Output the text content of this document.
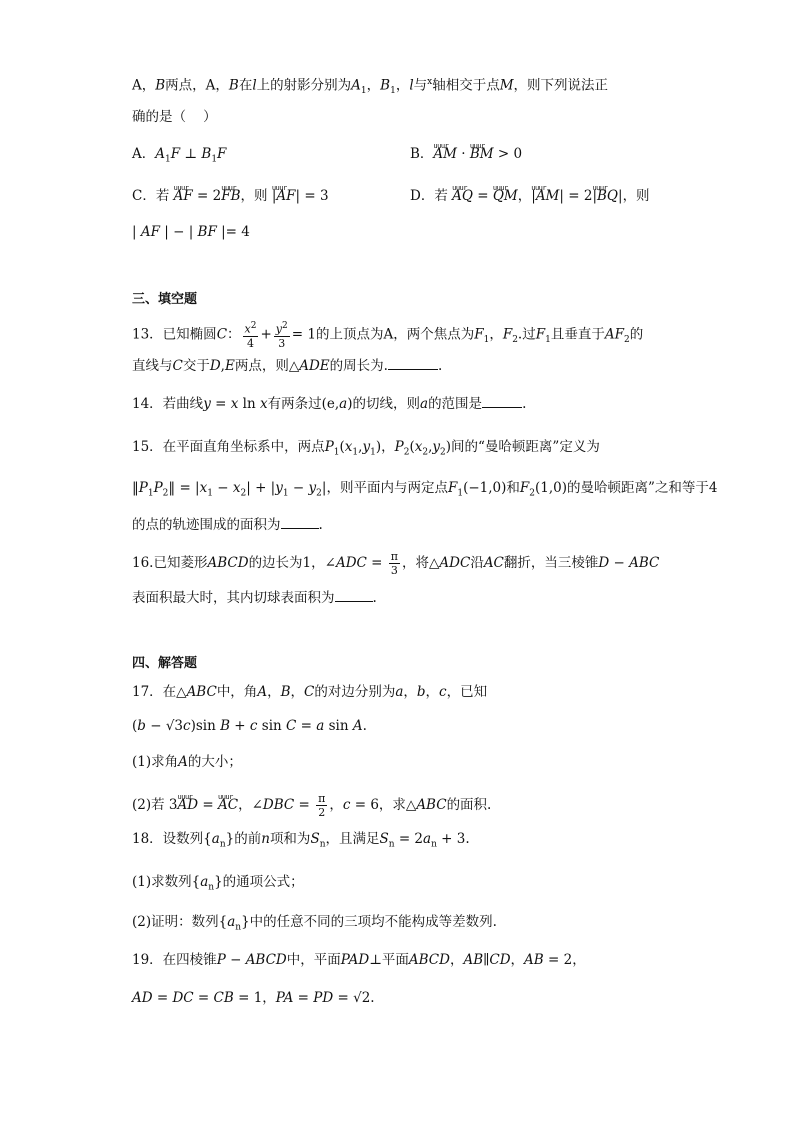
A，B两点，A，B在l上的射影分别为$A_1$，$B_1$，l与$^x$轴相交于点M，则下列说法正
确的是（    ）
A．$A_1F$ ⊥ $B_1F$	B．uuur AM · uuur BM > 0
C．若 uuur AF = 2uuur FB，则 uuur |AF| = 3	D．若 uuur AQ = uuur QM，uuur |AM| = 2uuur |BQ|，则
| AF | − | BF |= 4
三、填空题
13．已知椭圆C： $\frac{x^2}{4} + \frac{y^2}{3} = 1$的上顶点为A，两个焦点为$F_1$，$F_2$.过$F_1$且垂直于$AF_2$的
直线与C交于D,E两点，则△ADE的周长为.	.
14．若曲线y = x ln x有两条过(e,a)的切线，则a的范围是	.
15．在平面直角坐标系中，两点$P_1(x_1,y_1)$，$P_2(x_2,y_2)$间的“曼哈顿距离”定义为
$‖P_1P_2‖ = |x_1 - x_2| + |y_1 - y_2|$，则平面内与两定点$F_1(-1,0)$和$F_2(1,0)$的曼哈顿距离”之和等于4
的点的轨迹围成的面积为	.
16.已知菱形ABCD的边长为1，∠ADC = $\frac{\pi}{3}$ ，将△ADC沿AC翻折，当三棱锥D − ABC
表面积最大时，其内切球表面积为	.
四、解答题
17．在△ABC中，角A，B，C的对边分别为a，b，c，已知
(b − √3c)sin B + c sin C = a sin A.
(1)求角A的大小；
(2)若 3uuur AD = uuur AC，∠DBC = $\frac{\pi}{2}$ ，c = 6，求△ABC的面积.
18．设数列$\{a_n\}$的前n项和为$S_n$，且满足$S_n = 2a_n + 3$.
(1)求数列$\{a_n\}$的通项公式；
(2)证明：数列$\{a_n\}$中的任意不同的三项均不能构成等差数列.
19．在四棱锥P − ABCD中，平面PAD⊥平面ABCD，AB∥CD，AB = 2，
AD = DC = CB = 1，PA = PD = √2.
